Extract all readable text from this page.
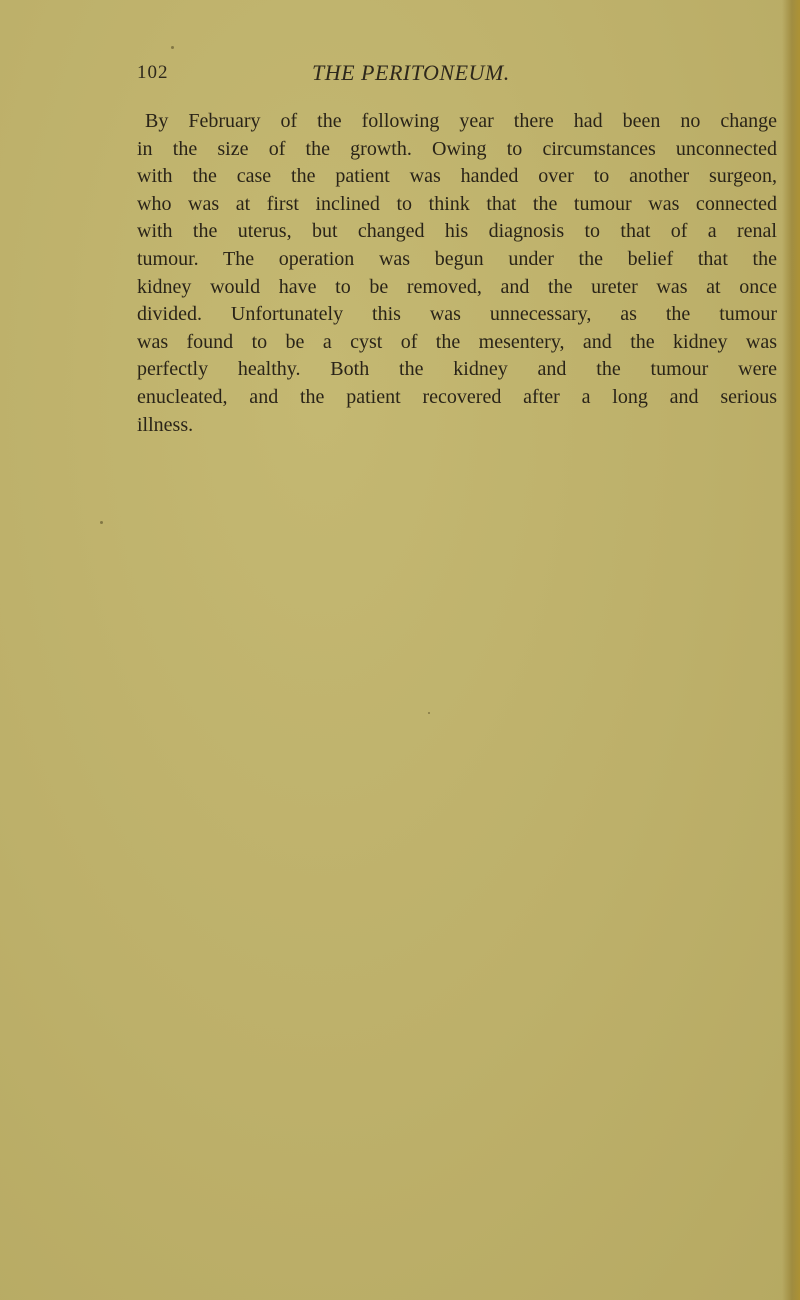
102	THE PERITONEUM.
By February of the following year there had been no change
in the size of the growth. Owing to circumstances unconnected
with the case the patient was handed over to another surgeon,
who was at first inclined to think that the tumour was connected
with the uterus, but changed his diagnosis to that of a renal
tumour. The operation was begun under the belief that the
kidney would have to be removed, and the ureter was at once
divided. Unfortunately this was unnecessary, as the tumour
was found to be a cyst of the mesentery, and the kidney was
perfectly healthy. Both the kidney and the tumour were
enucleated, and the patient recovered after a long and serious
illness.
